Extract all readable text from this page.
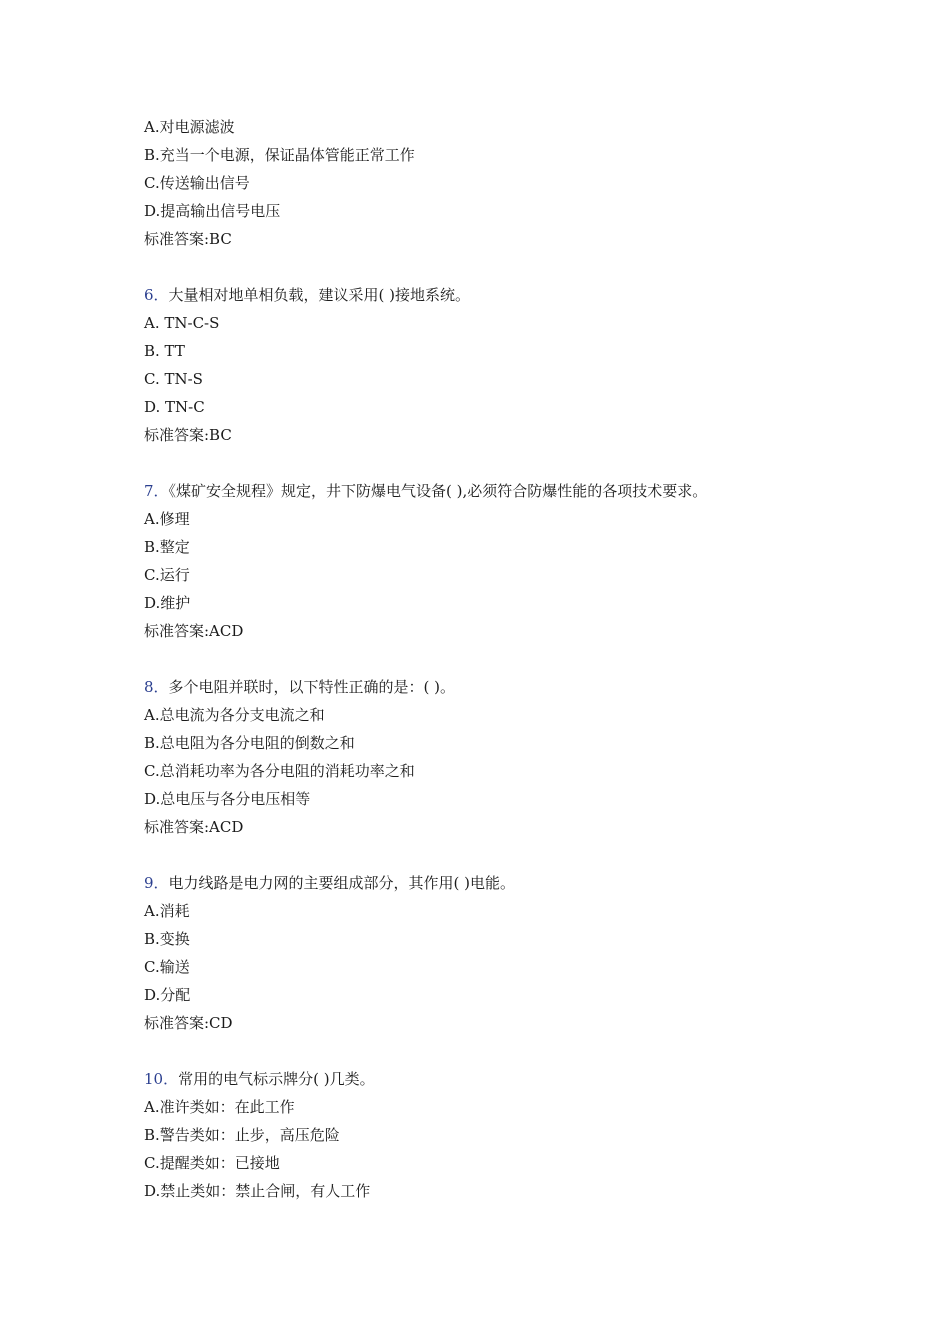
A.对电源滤波
B.充当一个电源，保证晶体管能正常工作
C.传送输出信号
D.提高输出信号电压
标准答案:BC
6．大量相对地单相负载，建议采用( )接地系统。
A. TN-C-S
B. TT
C. TN-S
D. TN-C
标准答案:BC
7．《煤矿安全规程》规定，井下防爆电气设备( ),必须符合防爆性能的各项技术要求。
A.修理
B.整定
C.运行
D.维护
标准答案:ACD
8．多个电阻并联时，以下特性正确的是：( )。
A.总电流为各分支电流之和
B.总电阻为各分电阻的倒数之和
C.总消耗功率为各分电阻的消耗功率之和
D.总电压与各分电压相等
标准答案:ACD
9．电力线路是电力网的主要组成部分，其作用( )电能。
A.消耗
B.变换
C.输送
D.分配
标准答案:CD
10．常用的电气标示牌分( )几类。
A.准许类如：在此工作
B.警告类如：止步，高压危险
C.提醒类如：已接地
D.禁止类如：禁止合闸，有人工作
